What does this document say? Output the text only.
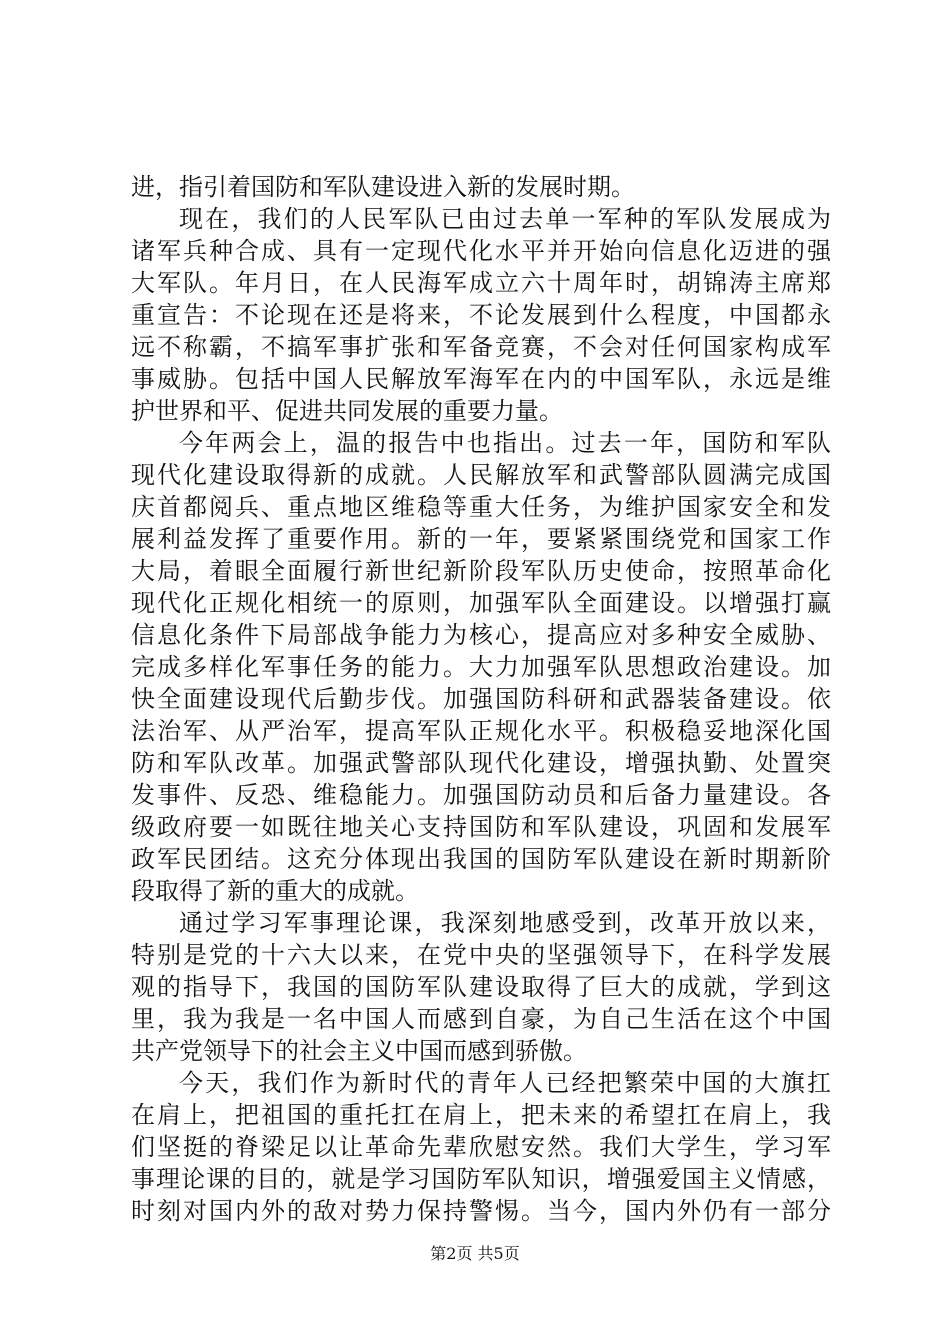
进，指引着国防和军队建设进入新的发展时期。
现在，我们的人民军队已由过去单一军种的军队发展成为
诸军兵种合成、具有一定现代化水平并开始向信息化迈进的强
大军队。年月日，在人民海军成立六十周年时，胡锦涛主席郑
重宣告：不论现在还是将来，不论发展到什么程度，中国都永
远不称霸，不搞军事扩张和军备竞赛，不会对任何国家构成军
事威胁。包括中国人民解放军海军在内的中国军队，永远是维
护世界和平、促进共同发展的重要力量。
今年两会上，温的报告中也指出。过去一年，国防和军队
现代化建设取得新的成就。人民解放军和武警部队圆满完成国
庆首都阅兵、重点地区维稳等重大任务，为维护国家安全和发
展利益发挥了重要作用。新的一年，要紧紧围绕党和国家工作
大局，着眼全面履行新世纪新阶段军队历史使命，按照革命化
现代化正规化相统一的原则，加强军队全面建设。以增强打赢
信息化条件下局部战争能力为核心，提高应对多种安全威胁、
完成多样化军事任务的能力。大力加强军队思想政治建设。加
快全面建设现代后勤步伐。加强国防科研和武器装备建设。依
法治军、从严治军，提高军队正规化水平。积极稳妥地深化国
防和军队改革。加强武警部队现代化建设，增强执勤、处置突
发事件、反恐、维稳能力。加强国防动员和后备力量建设。各
级政府要一如既往地关心支持国防和军队建设，巩固和发展军
政军民团结。这充分体现出我国的国防军队建设在新时期新阶
段取得了新的重大的成就。
通过学习军事理论课，我深刻地感受到，改革开放以来，
特别是党的十六大以来，在党中央的坚强领导下，在科学发展
观的指导下，我国的国防军队建设取得了巨大的成就，学到这
里，我为我是一名中国人而感到自豪，为自己生活在这个中国
共产党领导下的社会主义中国而感到骄傲。
今天，我们作为新时代的青年人已经把繁荣中国的大旗扛
在肩上，把祖国的重托扛在肩上，把未来的希望扛在肩上，我
们坚挺的脊梁足以让革命先辈欣慰安然。我们大学生，学习军
事理论课的目的，就是学习国防军队知识，增强爱国主义情感，
时刻对国内外的敌对势力保持警惕。当今，国内外仍有一部分
第2页 共5页
